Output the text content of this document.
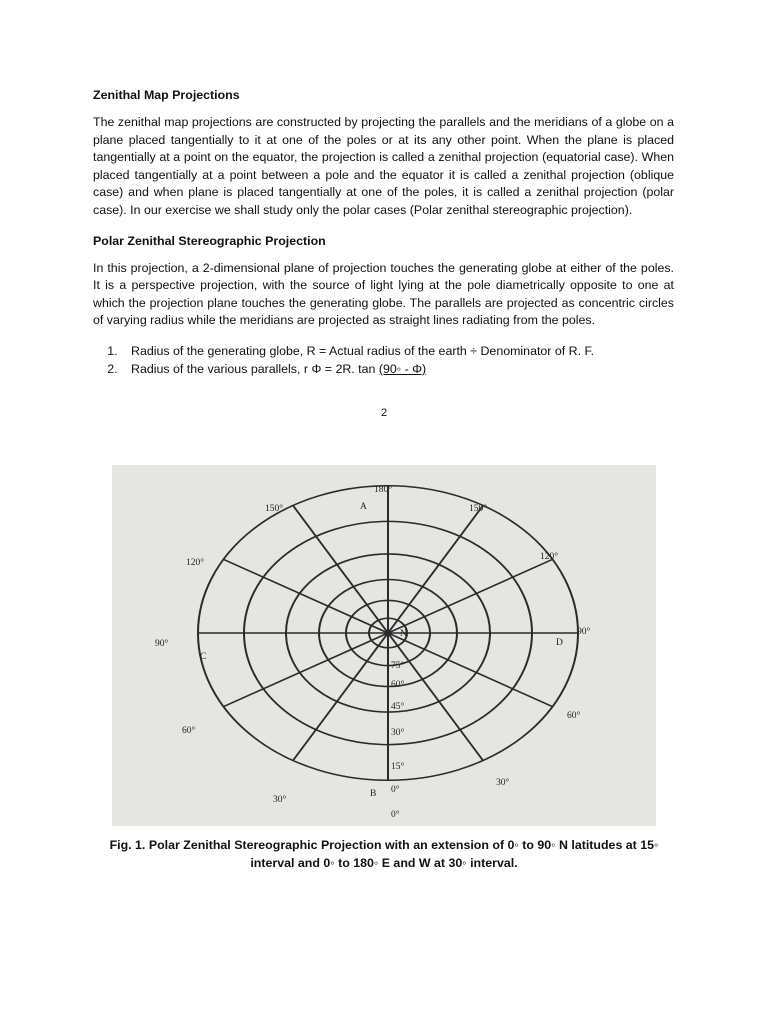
Zenithal Map Projections

The zenithal map projections are constructed by projecting the parallels and the meridians of a globe on a plane placed tangentially to it at one of the poles or at its any other point. When the plane is placed tangentially at a point on the equator, the projection is called a zenithal projection (equatorial case). When placed tangentially at a point between a pole and the equator it is called a zenithal projection (oblique case) and when plane is placed tangentially at one of the poles, it is called a zenithal projection (polar case). In our exercise we shall study only the polar cases (Polar zenithal stereographic projection).

Polar Zenithal Stereographic Projection

In this projection, a 2-dimensional plane of projection touches the generating globe at either of the poles. It is a perspective projection, with the source of light lying at the pole diametrically opposite to one at which the projection plane touches the generating globe. The parallels are projected as concentric circles of varying radius while the meridians are projected as straight lines radiating from the poles.

1. Radius of the generating globe, R = Actual radius of the earth ÷ Denominator of R. F.
2. Radius of the various parallels, r Φ = 2R. tan (90◦ - Φ)
2
180°
150°	150°
120°
120°
90°
90°
60°
60°
30°
30°
0°
75°
60°
45°
30°
15°
0°
N
A
B
C
D
Fig. 1. Polar Zenithal Stereographic Projection with an extension of 0◦ to 90◦ N latitudes at 15◦
interval and 0◦ to 180◦ E and W at 30◦ interval.
